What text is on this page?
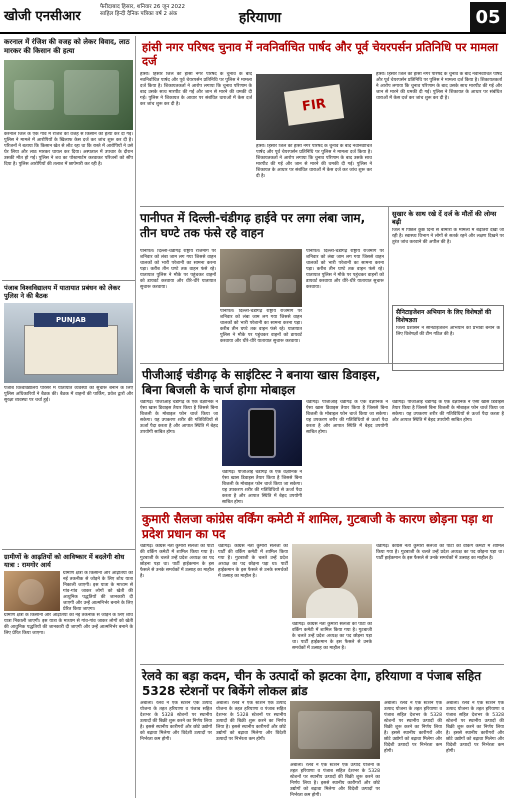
खोजी एनसीआर
फैरीदाबाद हिसार, शनिवार 26 जून 2022
साहिल हिन्दी दैनिक पत्रिका वर्ष 2 अंक	हरियाणा	05
करनाल में रंजिश की वजह को लेकर विवाद, लाठ मारकर की किसान की हत्या
करनाल जिले के एक गांव में रंजिश की वजह से किसान की हत्या कर दी गई। पुलिस ने मामले में आरोपियों के खिलाफ केस दर्ज कर जांच शुरू कर दी है। परिजनों ने बताया कि किसान खेत से लौट रहा था कि रास्ते में आरोपियों ने उसे घेर लिया और लाठ मारकर घायल कर दिया। अस्पताल में उपचार के दौरान उसकी मौत हो गई। पुलिस ने शव का पोस्टमार्टम करवाकर परिजनों को सौंप दिया है। पुलिस आरोपियों की तलाश में छापेमारी कर रही है।
पंजाब विश्वविद्यालय में यातायात प्रबंधन को लेकर पुलिस ने की बैठक
PUNJAB
पंजाब विश्वविद्यालय परिसर में यातायात व्यवस्था को सुचारू बनाने के लिए पुलिस अधिकारियों ने बैठक की। बैठक में वाहनों की पार्किंग, प्रवेश द्वारों और सुरक्षा व्यवस्था पर चर्चा हुई।
ग्रामीणों के आढ़तियों को आविष्कार में बदलेगी शोध यात्रा : रामगोर आर्य
ग्रामीण क्षेत्रों के किसानों और आढ़तियों को नई तकनीक से जोड़ने के लिए शोध यात्रा निकाली जाएगी। इस यात्रा के माध्यम से गांव-गांव जाकर लोगों को खेती की आधुनिक पद्धतियों की जानकारी दी जाएगी और उन्हें आत्मनिर्भर बनाने के लिए प्रेरित किया जाएगा।
ग्रामीण क्षेत्रों के किसानों और आढ़तियों को नई तकनीक से जोड़ने के लिए शोध यात्रा निकाली जाएगी। इस यात्रा के माध्यम से गांव-गांव जाकर लोगों को खेती की आधुनिक पद्धतियों की जानकारी दी जाएगी और उन्हें आत्मनिर्भर बनाने के लिए प्रेरित किया जाएगा।
हांसी नगर परिषद चुनाव में नवनिर्वाचित पार्षद और पूर्व चेयरपर्सन प्रतिनिधि पर मामला दर्ज
हांसी। हिसार जिले की हांसी नगर परिषद के चुनाव के बाद नवनिर्वाचित पार्षद और पूर्व चेयरपर्सन प्रतिनिधि पर पुलिस ने मामला दर्ज किया है। शिकायतकर्ता ने आरोप लगाया कि चुनाव परिणाम के बाद उसके साथ मारपीट की गई और जान से मारने की धमकी दी गई। पुलिस ने शिकायत के आधार पर संबंधित धाराओं में केस दर्ज कर जांच शुरू कर दी है।	FIR
हांसी। हिसार जिले की हांसी नगर परिषद के चुनाव के बाद नवनिर्वाचित पार्षद और पूर्व चेयरपर्सन प्रतिनिधि पर पुलिस ने मामला दर्ज किया है। शिकायतकर्ता ने आरोप लगाया कि चुनाव परिणाम के बाद उसके साथ मारपीट की गई और जान से मारने की धमकी दी गई। पुलिस ने शिकायत के आधार पर संबंधित धाराओं में केस दर्ज कर जांच शुरू कर दी है।
हांसी। हिसार जिले की हांसी नगर परिषद के चुनाव के बाद नवनिर्वाचित पार्षद और पूर्व चेयरपर्सन प्रतिनिधि पर पुलिस ने मामला दर्ज किया है। शिकायतकर्ता ने आरोप लगाया कि चुनाव परिणाम के बाद उसके साथ मारपीट की गई और जान से मारने की धमकी दी गई। पुलिस ने शिकायत के आधार पर संबंधित धाराओं में केस दर्ज कर जांच शुरू कर दी है।
पानीपत में दिल्ली-चंडीगढ़ हाईवे पर लगा लंबा जाम, तीन घण्टे तक फंसे रहे वाहन
पानीपत। दिल्ली-चंडीगढ़ राष्ट्रीय राजमार्ग पर शनिवार को लंबा जाम लग गया जिससे वाहन चालकों को भारी परेशानी का सामना करना पड़ा। करीब तीन घण्टे तक वाहन फंसे रहे। यातायात पुलिस ने मौके पर पहुंचकर वाहनों को डायवर्ट करवाया और धीरे-धीरे यातायात सुचारू करवाया।
पानीपत। दिल्ली-चंडीगढ़ राष्ट्रीय राजमार्ग पर शनिवार को लंबा जाम लग गया जिससे वाहन चालकों को भारी परेशानी का सामना करना पड़ा। करीब तीन घण्टे तक वाहन फंसे रहे। यातायात पुलिस ने मौके पर पहुंचकर वाहनों को डायवर्ट करवाया और धीरे-धीरे यातायात सुचारू करवाया।
पानीपत। दिल्ली-चंडीगढ़ राष्ट्रीय राजमार्ग पर शनिवार को लंबा जाम लग गया जिससे वाहन चालकों को भारी परेशानी का सामना करना पड़ा। करीब तीन घण्टे तक वाहन फंसे रहे। यातायात पुलिस ने मौके पर पहुंचकर वाहनों को डायवर्ट करवाया और धीरे-धीरे यातायात सुचारू करवाया।
सुखार के साथ रखे दें दर्ज के मौतों की लोग्स बढ़ी
जिले में पिछले कुछ दिनों से बीमारी के मामलों में बढ़ोतरी देखी जा रही है। स्वास्थ्य विभाग ने लोगों से सतर्क रहने और लक्षण दिखने पर तुरंत जांच करवाने की अपील की है।
सैनिटाइजेशन अभियान के लिए विशेषज्ञों की विशेषज्ञता
जिला प्रशासन ने सैनिटाइजेशन अभियान को प्रभावी बनाने के लिए विशेषज्ञों की टीम गठित की है।
पीजीआई चंडीगढ़ के साइंटिस्ट ने बनाया खास डिवाइस, बिना बिजली के चार्ज होगा मोबाइल
चंडीगढ़। पीजीआई चंडीगढ़ के एक वैज्ञानिक ने ऐसा खास डिवाइस तैयार किया है जिससे बिना बिजली के मोबाइल फोन चार्ज किया जा सकेगा। यह उपकरण शरीर की गतिविधियों से ऊर्जा पैदा करता है और आपात स्थिति में बेहद उपयोगी साबित होगा।
चंडीगढ़। पीजीआई चंडीगढ़ के एक वैज्ञानिक ने ऐसा खास डिवाइस तैयार किया है जिससे बिना बिजली के मोबाइल फोन चार्ज किया जा सकेगा। यह उपकरण शरीर की गतिविधियों से ऊर्जा पैदा करता है और आपात स्थिति में बेहद उपयोगी साबित होगा।
चंडीगढ़। पीजीआई चंडीगढ़ के एक वैज्ञानिक ने ऐसा खास डिवाइस तैयार किया है जिससे बिना बिजली के मोबाइल फोन चार्ज किया जा सकेगा। यह उपकरण शरीर की गतिविधियों से ऊर्जा पैदा करता है और आपात स्थिति में बेहद उपयोगी साबित होगा।
चंडीगढ़। पीजीआई चंडीगढ़ के एक वैज्ञानिक ने ऐसा खास डिवाइस तैयार किया है जिससे बिना बिजली के मोबाइल फोन चार्ज किया जा सकेगा। यह उपकरण शरीर की गतिविधियों से ऊर्जा पैदा करता है और आपात स्थिति में बेहद उपयोगी साबित होगा।
कुमारी सैलजा कांग्रेस वर्किंग कमेटी में शामिल, गुटबाजी के कारण छोड़ना पड़ा था प्रदेश प्रधान का पद
चंडीगढ़। कांग्रेस नेता कुमारी सैलजा को पार्टी की वर्किंग कमेटी में शामिल किया गया है। गुटबाजी के चलते उन्हें प्रदेश अध्यक्ष का पद छोड़ना पड़ा था। पार्टी हाईकमान के इस फैसले से उनके समर्थकों में उत्साह का माहौल है।
चंडीगढ़। कांग्रेस नेता कुमारी सैलजा को पार्टी की वर्किंग कमेटी में शामिल किया गया है। गुटबाजी के चलते उन्हें प्रदेश अध्यक्ष का पद छोड़ना पड़ा था। पार्टी हाईकमान के इस फैसले से उनके समर्थकों में उत्साह का माहौल है।
चंडीगढ़। कांग्रेस नेता कुमारी सैलजा को पार्टी की वर्किंग कमेटी में शामिल किया गया है। गुटबाजी के चलते उन्हें प्रदेश अध्यक्ष का पद छोड़ना पड़ा था। पार्टी हाईकमान के इस फैसले से उनके समर्थकों में उत्साह का माहौल है।
चंडीगढ़। कांग्रेस नेता कुमारी सैलजा को पार्टी की वर्किंग कमेटी में शामिल किया गया है। गुटबाजी के चलते उन्हें प्रदेश अध्यक्ष का पद छोड़ना पड़ा था। पार्टी हाईकमान के इस फैसले से उनके समर्थकों में उत्साह का माहौल है।
रेलवे का बड़ा कदम, चीन के उत्पादों को झटका देगा, हरियाणा व पंजाब सहित 5328 स्टेशनों पर बिकेंगे लोकल ब्रांड
अंबाला। रेलवे ने एक स्टेशन एक उत्पाद योजना के तहत हरियाणा व पंजाब सहित देशभर के 5328 स्टेशनों पर स्थानीय उत्पादों की बिक्री शुरू करने का निर्णय लिया है। इससे स्थानीय कारीगरों और छोटे उद्योगों को बढ़ावा मिलेगा और विदेशी उत्पादों पर निर्भरता कम होगी।
अंबाला। रेलवे ने एक स्टेशन एक उत्पाद योजना के तहत हरियाणा व पंजाब सहित देशभर के 5328 स्टेशनों पर स्थानीय उत्पादों की बिक्री शुरू करने का निर्णय लिया है। इससे स्थानीय कारीगरों और छोटे उद्योगों को बढ़ावा मिलेगा और विदेशी उत्पादों पर निर्भरता कम होगी।
अंबाला। रेलवे ने एक स्टेशन एक उत्पाद योजना के तहत हरियाणा व पंजाब सहित देशभर के 5328 स्टेशनों पर स्थानीय उत्पादों की बिक्री शुरू करने का निर्णय लिया है। इससे स्थानीय कारीगरों और छोटे उद्योगों को बढ़ावा मिलेगा और विदेशी उत्पादों पर निर्भरता कम होगी।
अंबाला। रेलवे ने एक स्टेशन एक उत्पाद योजना के तहत हरियाणा व पंजाब सहित देशभर के 5328 स्टेशनों पर स्थानीय उत्पादों की बिक्री शुरू करने का निर्णय लिया है। इससे स्थानीय कारीगरों और छोटे उद्योगों को बढ़ावा मिलेगा और विदेशी उत्पादों पर निर्भरता कम होगी।
अंबाला। रेलवे ने एक स्टेशन एक उत्पाद योजना के तहत हरियाणा व पंजाब सहित देशभर के 5328 स्टेशनों पर स्थानीय उत्पादों की बिक्री शुरू करने का निर्णय लिया है। इससे स्थानीय कारीगरों और छोटे उद्योगों को बढ़ावा मिलेगा और विदेशी उत्पादों पर निर्भरता कम होगी।
